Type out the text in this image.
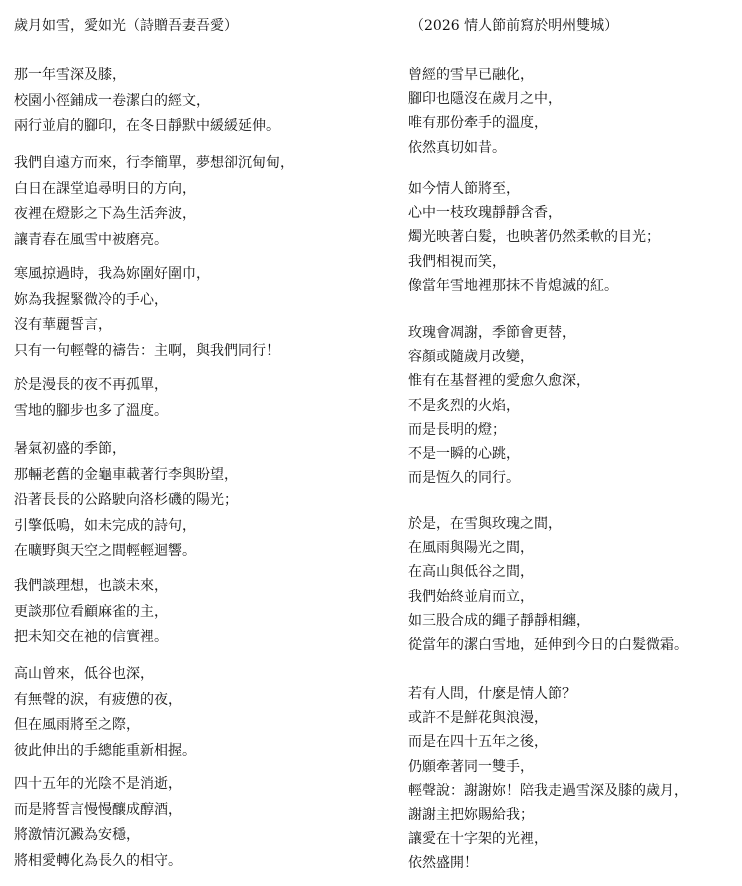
歲月如雪，愛如光（詩贈吾妻吾愛）	（2026 情人節前寫於明州雙城）
那一年雪深及膝，
校園小徑鋪成一卷潔白的經文，
兩行並肩的腳印，在冬日靜默中緩緩延伸。
我們自遠方而來，行李簡單，夢想卻沉甸甸，
白日在課堂追尋明日的方向，
夜裡在燈影之下為生活奔波，
讓青春在風雪中被磨亮。
寒風掠過時，我為妳圍好圍巾，
妳為我握緊微冷的手心，
沒有華麗誓言，
只有一句輕聲的禱告：主啊，與我們同行！
於是漫長的夜不再孤單，
雪地的腳步也多了溫度。
暑氣初盛的季節，
那輛老舊的金龜車載著行李與盼望，
沿著長長的公路駛向洛杉磯的陽光；
引擎低鳴，如未完成的詩句，
在曠野與天空之間輕輕迴響。
我們談理想，也談未來，
更談那位看顧麻雀的主，
把未知交在祂的信實裡。
高山曾來，低谷也深，
有無聲的淚，有疲憊的夜，
但在風雨將至之際，
彼此伸出的手總能重新相握。
四十五年的光陰不是消逝，
而是將誓言慢慢釀成醇酒，
將激情沉澱為安穩，
將相愛轉化為長久的相守。
曾經的雪早已融化，
腳印也隱沒在歲月之中，
唯有那份牽手的溫度，
依然真切如昔。
如今情人節將至，
心中一枝玫瑰靜靜含香，
燭光映著白髮，也映著仍然柔軟的目光；
我們相視而笑，
像當年雪地裡那抹不肯熄滅的紅。
玫瑰會凋謝，季節會更替，
容顏或隨歲月改變，
惟有在基督裡的愛愈久愈深，
不是炙烈的火焰，
而是長明的燈；
不是一瞬的心跳，
而是恆久的同行。
於是，在雪與玫瑰之間，
在風雨與陽光之間，
在高山與低谷之間，
我們始終並肩而立，
如三股合成的繩子靜靜相纏，
從當年的潔白雪地，延伸到今日的白髮微霜。
若有人問，什麼是情人節？
或許不是鮮花與浪漫，
而是在四十五年之後，
仍願牽著同一雙手，
輕聲說：謝謝妳！陪我走過雪深及膝的歲月，
謝謝主把妳賜給我；
讓愛在十字架的光裡，
依然盛開！
